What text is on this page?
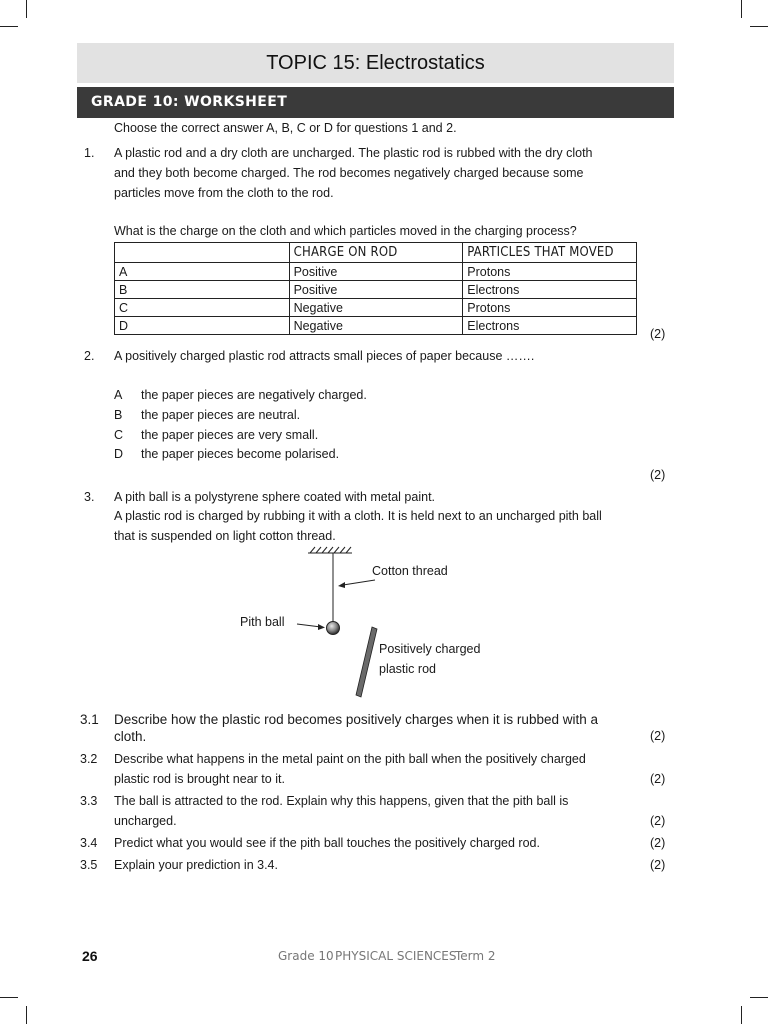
TOPIC 15: Electrostatics
GRADE 10: WORKSHEET
Choose the correct answer A, B, C or D for questions 1 and 2.
1. A plastic rod and a dry cloth are uncharged. The plastic rod is rubbed with the dry cloth
and they both become charged. The rod becomes negatively charged because some
particles move from the cloth to the rod.
What is the charge on the cloth and which particles moved in the charging process?
	CHARGE ON ROD	PARTICLES THAT MOVED
A	Positive	Protons
B	Positive	Electrons
C	Negative	Protons
D	Negative	Electrons
(2)
2. A positively charged plastic rod attracts small pieces of paper because …….
A the paper pieces are negatively charged.
B the paper pieces are neutral.
C the paper pieces are very small.
D the paper pieces become polarised.
(2)
3. A pith ball is a polystyrene sphere coated with metal paint.
A plastic rod is charged by rubbing it with a cloth. It is held next to an uncharged pith ball
that is suspended on light cotton thread.
Cotton thread
Pith ball
Positively charged
plastic rod
3.1 Describe how the plastic rod becomes positively charges when it is rubbed with a
cloth.	(2)
3.2 Describe what happens in the metal paint on the pith ball when the positively charged
plastic rod is brought near to it.	(2)
3.3 The ball is attracted to the rod. Explain why this happens, given that the pith ball is
uncharged.	(2)
3.4 Predict what you would see if the pith ball touches the positively charged rod.	(2)
3.5 Explain your prediction in 3.4.	(2)
26	Grade 10 PHYSICAL SCIENCES
Term 2
